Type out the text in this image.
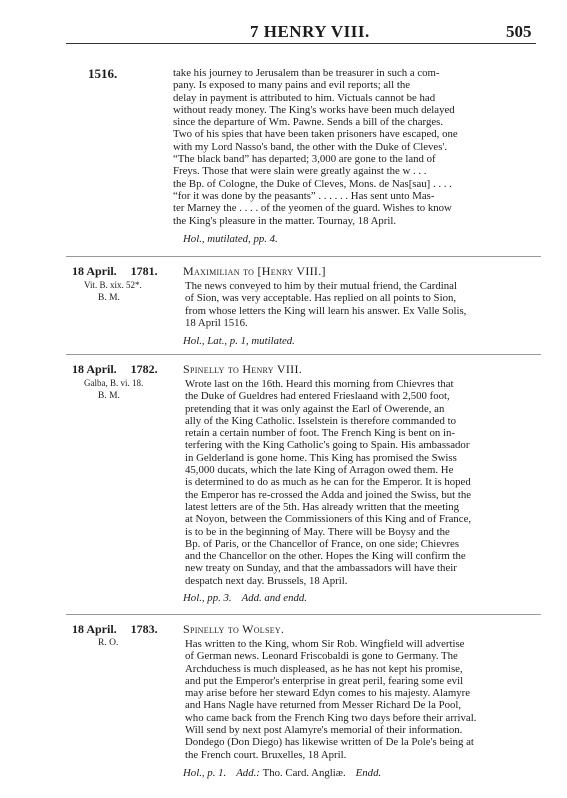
7 HENRY VIII.	505
1516.	take his journey to Jerusalem than be treasurer in such a com-

pany. Is exposed to many pains and evil reports; all the

delay in payment is attributed to him. Victuals cannot be had

without ready money. The King's works have been much delayed

since the departure of Wm. Pawne. Sends a bill of the charges.

Two of his spies that have been taken prisoners have escaped, one

with my Lord Nasso's band, the other with the Duke of Cleves'.

“The black band” has departed; 3,000 are gone to the land of

Freys. Those that were slain were greatly against the w . . .

the Bp. of Cologne, the Duke of Cleves, Mons. de Nas[sau] . . . .

“for it was done by the peasants” . . . . . . Has sent unto Mas-

ter Marney the . . . . of the yeomen of the guard. Wishes to know

the King's pleasure in the matter. Tournay, 18 April.

Hol., mutilated, pp. 4.
18 April. 1781.
Vit. B. xix. 52*.
B. M.
Maximilian to [Henry VIII.]

The news conveyed to him by their mutual friend, the Cardinal

of Sion, was very acceptable. Has replied on all points to Sion,

from whose letters the King will learn his answer. Ex Valle Solis,

18 April 1516.

Hol., Lat., p. 1, mutilated.
18 April. 1782.
Galba, B. vi. 18.
B. M.
Spinelly to Henry VIII.

Wrote last on the 16th. Heard this morning from Chievres that

the Duke of Gueldres had entered Frieslaand with 2,500 foot,

pretending that it was only against the Earl of Owerende, an

ally of the King Catholic. Isselstein is therefore commanded to

retain a certain number of foot. The French King is bent on in-

terfering with the King Catholic's going to Spain. His ambassador

in Gelderland is gone home. This King has promised the Swiss

45,000 ducats, which the late King of Arragon owed them. He

is determined to do as much as he can for the Emperor. It is hoped

the Emperor has re-crossed the Adda and joined the Swiss, but the

latest letters are of the 5th. Has already written that the meeting

at Noyon, between the Commissioners of this King and of France,

is to be in the beginning of May. There will be Boysy and the

Bp. of Paris, or the Chancellor of France, on one side; Chievres

and the Chancellor on the other. Hopes the King will confirm the

new treaty on Sunday, and that the ambassadors will have their

despatch next day. Brussels, 18 April.

Hol., pp. 3. Add. and endd.
18 April. 1783.
R. O.
Spinelly to Wolsey.

Has written to the King, whom Sir Rob. Wingfield will advertise

of German news. Leonard Friscobaldi is gone to Germany. The

Archduchess is much displeased, as he has not kept his promise,

and put the Emperor's enterprise in great peril, fearing some evil

may arise before her steward Edyn comes to his majesty. Alamyre

and Hans Nagle have returned from Messer Richard De la Pool,

who came back from the French King two days before their arrival.

Will send by next post Alamyre's memorial of their information.

Dondego (Don Diego) has likewise written of De la Pole's being at

the French court. Bruxelles, 18 April.

Hol., p. 1. Add.: Tho. Card. Angliæ. Endd.
